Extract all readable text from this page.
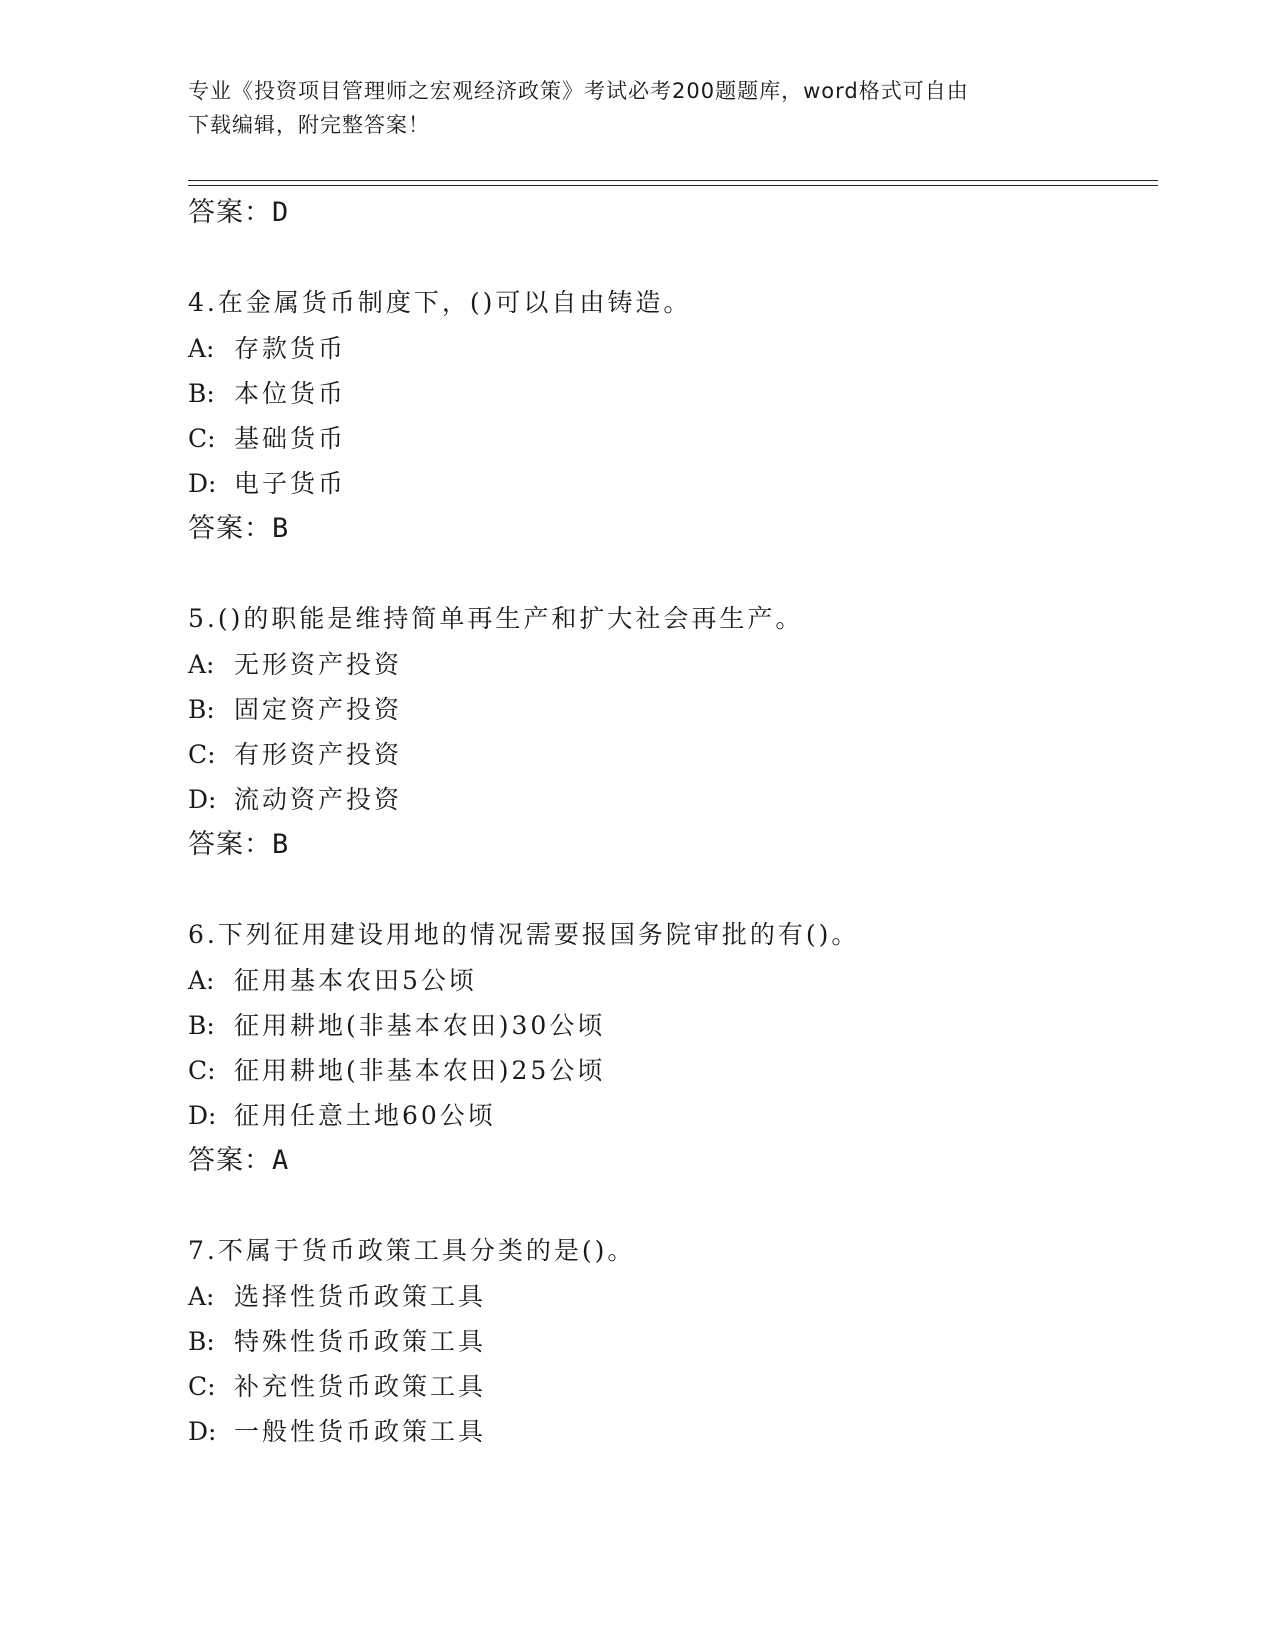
专业《投资项目管理师之宏观经济政策》考试必考200题题库，word格式可自由
下载编辑，附完整答案！
答案：D
4.在金属货币制度下，()可以自由铸造。
A: 存款货币
B: 本位货币
C: 基础货币
D: 电子货币
答案：B
5.()的职能是维持简单再生产和扩大社会再生产。
A: 无形资产投资
B: 固定资产投资
C: 有形资产投资
D: 流动资产投资
答案：B
6.下列征用建设用地的情况需要报国务院审批的有()。
A: 征用基本农田5公顷
B: 征用耕地(非基本农田)30公顷
C: 征用耕地(非基本农田)25公顷
D: 征用任意土地60公顷
答案：A
7.不属于货币政策工具分类的是()。
A: 选择性货币政策工具
B: 特殊性货币政策工具
C: 补充性货币政策工具
D: 一般性货币政策工具
